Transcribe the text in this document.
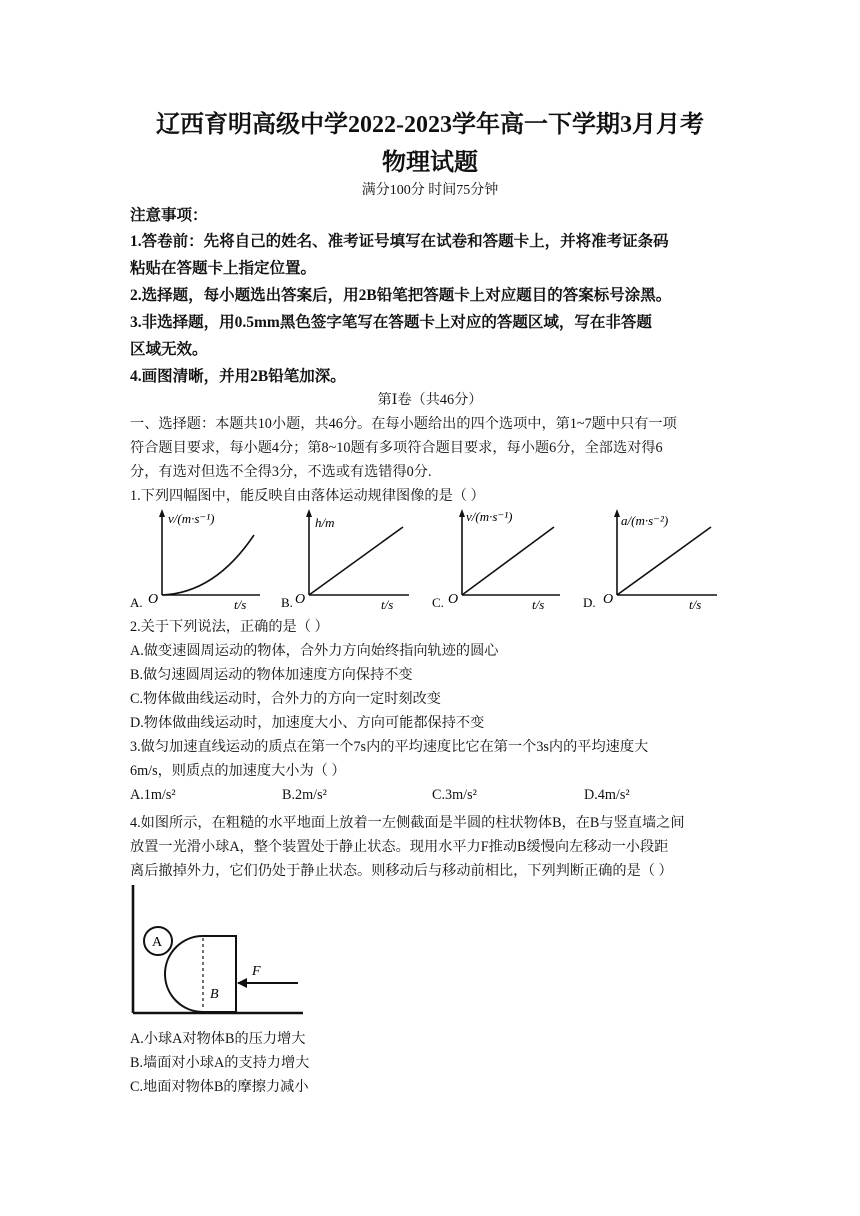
辽西育明高级中学2022-2023学年高一下学期3月月考
物理试题
满分100分 时间75分钟
注意事项：
1.答卷前：先将自己的姓名、准考证号填写在试卷和答题卡上，并将准考证条码
粘贴在答题卡上指定位置。
2.选择题，每小题选出答案后，用2B铅笔把答题卡上对应题目的答案标号涂黑。
3.非选择题，用0.5mm黑色签字笔写在答题卡上对应的答题区域，写在非答题
区域无效。
4.画图清晰，并用2B铅笔加深。
第Ⅰ卷（共46分）
一、选择题：本题共10小题，共46分。在每小题给出的四个选项中，第1~7题中只有一项
符合题目要求，每小题4分；第8~10题有多项符合题目要求，每小题6分，全部选对得6
分，有选对但选不全得3分，不选或有选错得0分.
1.下列四幅图中，能反映自由落体运动规律图像的是（ ）
A. O
v/(m·s⁻¹)
t/s	B. O
h/m
t/s	C. O
v/(m·s⁻¹)
t/s	D. O
a/(m·s⁻²)
t/s
2.关于下列说法，正确的是（ ）
A.做变速圆周运动的物体，合外力方向始终指向轨迹的圆心
B.做匀速圆周运动的物体加速度方向保持不变
C.物体做曲线运动时，合外力的方向一定时刻改变
D.物体做曲线运动时，加速度大小、方向可能都保持不变
3.做匀加速直线运动的质点在第一个7s内的平均速度比它在第一个3s内的平均速度大
6m/s，则质点的加速度大小为（ ）
A.1m/s²	B.2m/s²	C.3m/s²	D.4m/s²
4.如图所示，在粗糙的水平地面上放着一左侧截面是半圆的柱状物体B，在B与竖直墙之间
放置一光滑小球A，整个装置处于静止状态。现用水平力F推动B缓慢向左移动一小段距
离后撤掉外力，它们仍处于静止状态。则移动后与移动前相比，下列判断正确的是（ ）
A
B
F
A.小球A对物体B的压力增大
B.墙面对小球A的支持力增大
C.地面对物体B的摩擦力减小
